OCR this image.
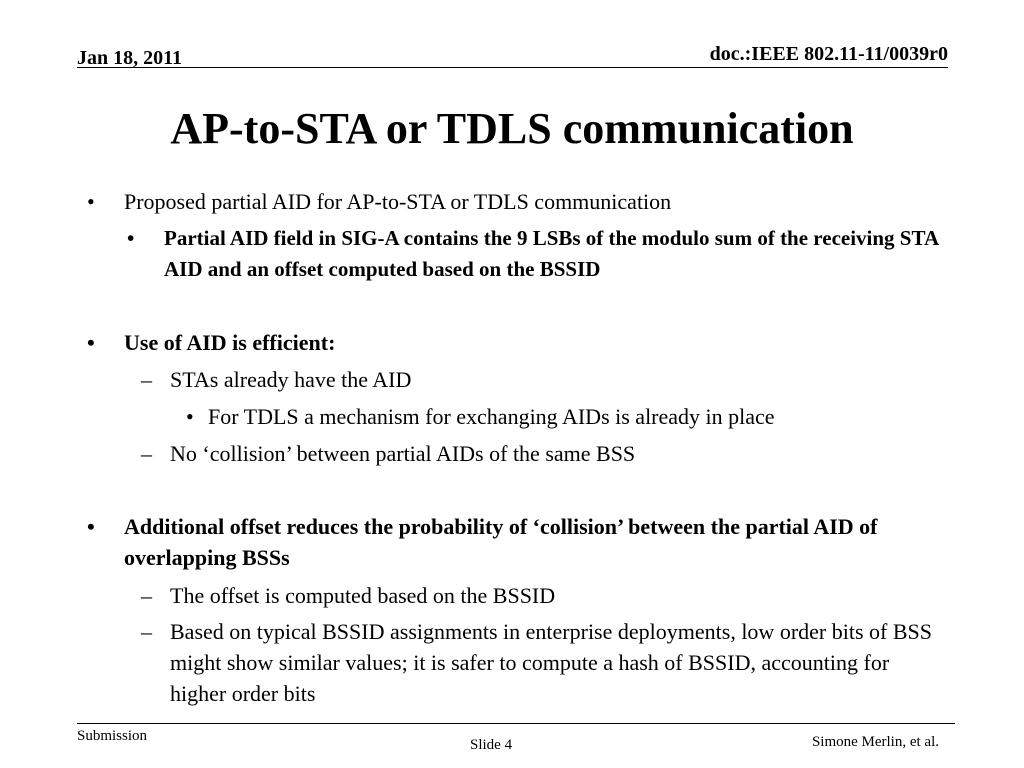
Jan 18, 2011	doc.:IEEE 802.11-11/0039r0
AP-to-STA or TDLS communication
•	Proposed partial AID for AP-to-STA or TDLS communication
•	Partial AID field in SIG-A contains the 9 LSBs of the modulo sum of the receiving STA AID and an offset computed based on the BSSID
•	Use of AID is efficient:
– STAs already have the AID
• For TDLS a mechanism for exchanging AIDs is already in place
– No ‘collision’ between partial AIDs of the same BSS
•	Additional offset reduces the probability of ‘collision’ between the partial AID of overlapping BSSs
– The offset is computed based on the BSSID
– Based on typical BSSID assignments in enterprise deployments, low order bits of BSS might show similar values; it is safer to compute a hash of BSSID, accounting for higher order bits
Submission
Slide 4	Simone Merlin, et al.
